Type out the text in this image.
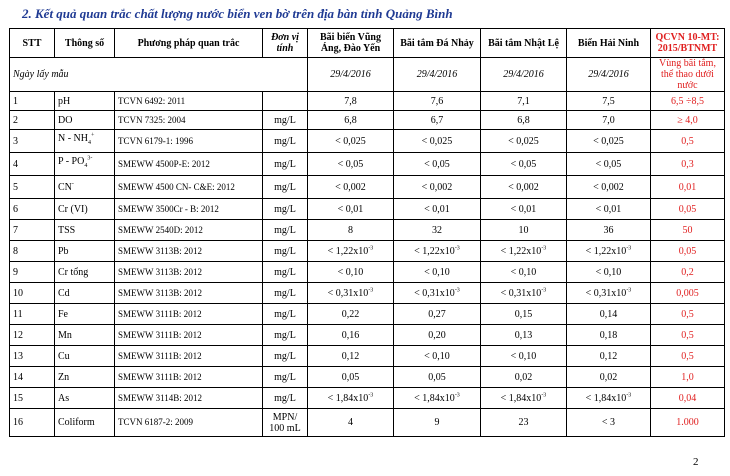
2. Kết quả quan trắc chất lượng nước biển ven bờ trên địa bàn tỉnh Quảng Bình
STT	Thông số	Phương pháp quan trắc	Đơn vị tính	Bãi biển Vũng Áng, Đào Yến	Bãi tắm Đá Nhảy	Bãi tắm Nhật Lệ	Biển Hải Ninh	QCVN 10-MT: 2015/BTNMT
Ngày lấy mẫu				29/4/2016	29/4/2016	29/4/2016	29/4/2016	Vùng bãi tắm, thể thao dưới nước
1	pH	TCVN 6492: 2011		7,8	7,6	7,1	7,5	6,5 ÷8,5
2	DO	TCVN 7325: 2004	mg/L	6,8	6,7	6,8	7,0	≥ 4,0
3	N - $NH_4^+$	TCVN 6179-1: 1996	mg/L	< 0,025	< 0,025	< 0,025	< 0,025	0,5
4	P - $PO_4^{3-}$	SMEWW 4500P-E: 2012	mg/L	< 0,05	< 0,05	< 0,05	< 0,05	0,3
5	CN-	SMEWW 4500 CN- C&E: 2012	mg/L	< 0,002	< 0,002	< 0,002	< 0,002	0,01
6	Cr (VI)	SMEWW 3500Cr - B: 2012	mg/L	< 0,01	< 0,01	< 0,01	< 0,01	0,05
7	TSS	SMEWW 2540D: 2012	mg/L	8	32	10	36	50
8	Pb	SMEWW 3113B: 2012	mg/L	< $1,22x10^{-3}$	< $1,22x10^{-3}$	< $1,22x10^{-3}$	< $1,22x10^{-3}$	0,05
9	Cr tổng	SMEWW 3113B: 2012	mg/L	< 0,10	< 0,10	< 0,10	< 0,10	0,2
10	Cd	SMEWW 3113B: 2012	mg/L	< $0,31x10^{-3}$	< $0,31x10^{-3}$	< $0,31x10^{-3}$	< $0,31x10^{-3}$	0,005
11	Fe	SMEWW 3111B: 2012	mg/L	0,22	0,27	0,15	0,14	0,5
12	Mn	SMEWW 3111B: 2012	mg/L	0,16	0,20	0,13	0,18	0,5
13	Cu	SMEWW 3111B: 2012	mg/L	0,12	< 0,10	< 0,10	0,12	0,5
14	Zn	SMEWW 3111B: 2012	mg/L	0,05	0,05	0,02	0,02	1,0
15	As	SMEWW 3114B: 2012	mg/L	< $1,84x10^{-3}$	< $1,84x10^{-3}$	< $1,84x10^{-3}$	< $1,84x10^{-3}$	0,04
16	Coliform	TCVN 6187-2: 2009	MPN/ 100 mL	4	9	23	< 3	1.000
2
